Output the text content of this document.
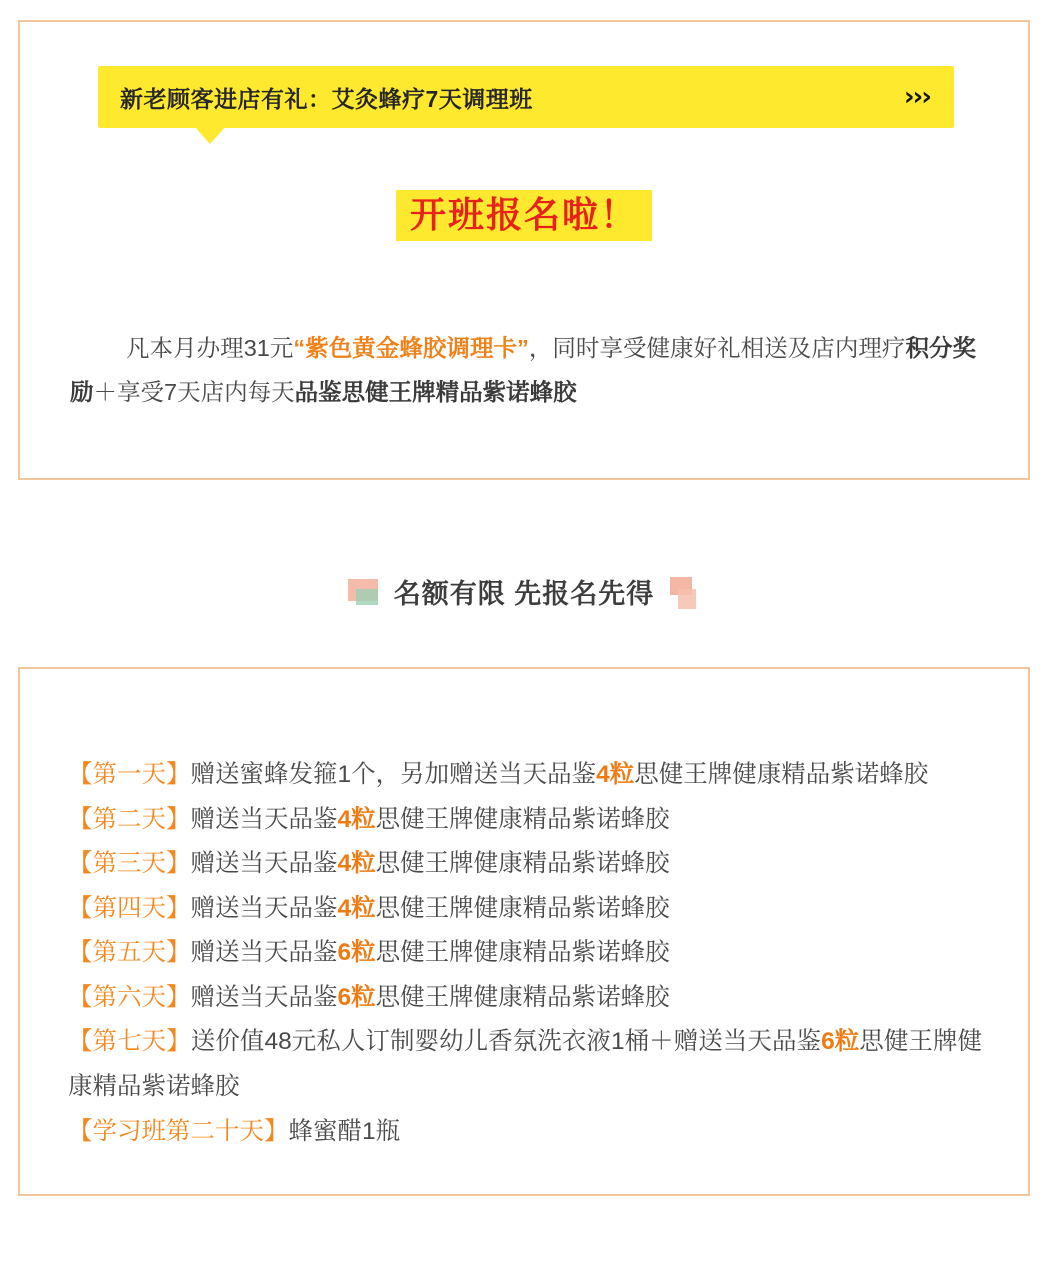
新老顾客进店有礼：艾灸蜂疗7天调理班	›››
开班报名啦！
凡本月办理31元“紫色黄金蜂胶调理卡”，同时享受健康好礼相送及店内理疗积分奖励＋享受7天店内每天品鉴思健王牌精品紫诺蜂胶
名额有限 先报名先得
【第一天】赠送蜜蜂发箍1个，另加赠送当天品鉴4粒思健王牌健康精品紫诺蜂胶
【第二天】赠送当天品鉴4粒思健王牌健康精品紫诺蜂胶
【第三天】赠送当天品鉴4粒思健王牌健康精品紫诺蜂胶
【第四天】赠送当天品鉴4粒思健王牌健康精品紫诺蜂胶
【第五天】赠送当天品鉴6粒思健王牌健康精品紫诺蜂胶
【第六天】赠送当天品鉴6粒思健王牌健康精品紫诺蜂胶
【第七天】送价值48元私人订制婴幼儿香氛洗衣液1桶＋赠送当天品鉴6粒思健王牌健康精品紫诺蜂胶
【学习班第二十天】蜂蜜醋1瓶
